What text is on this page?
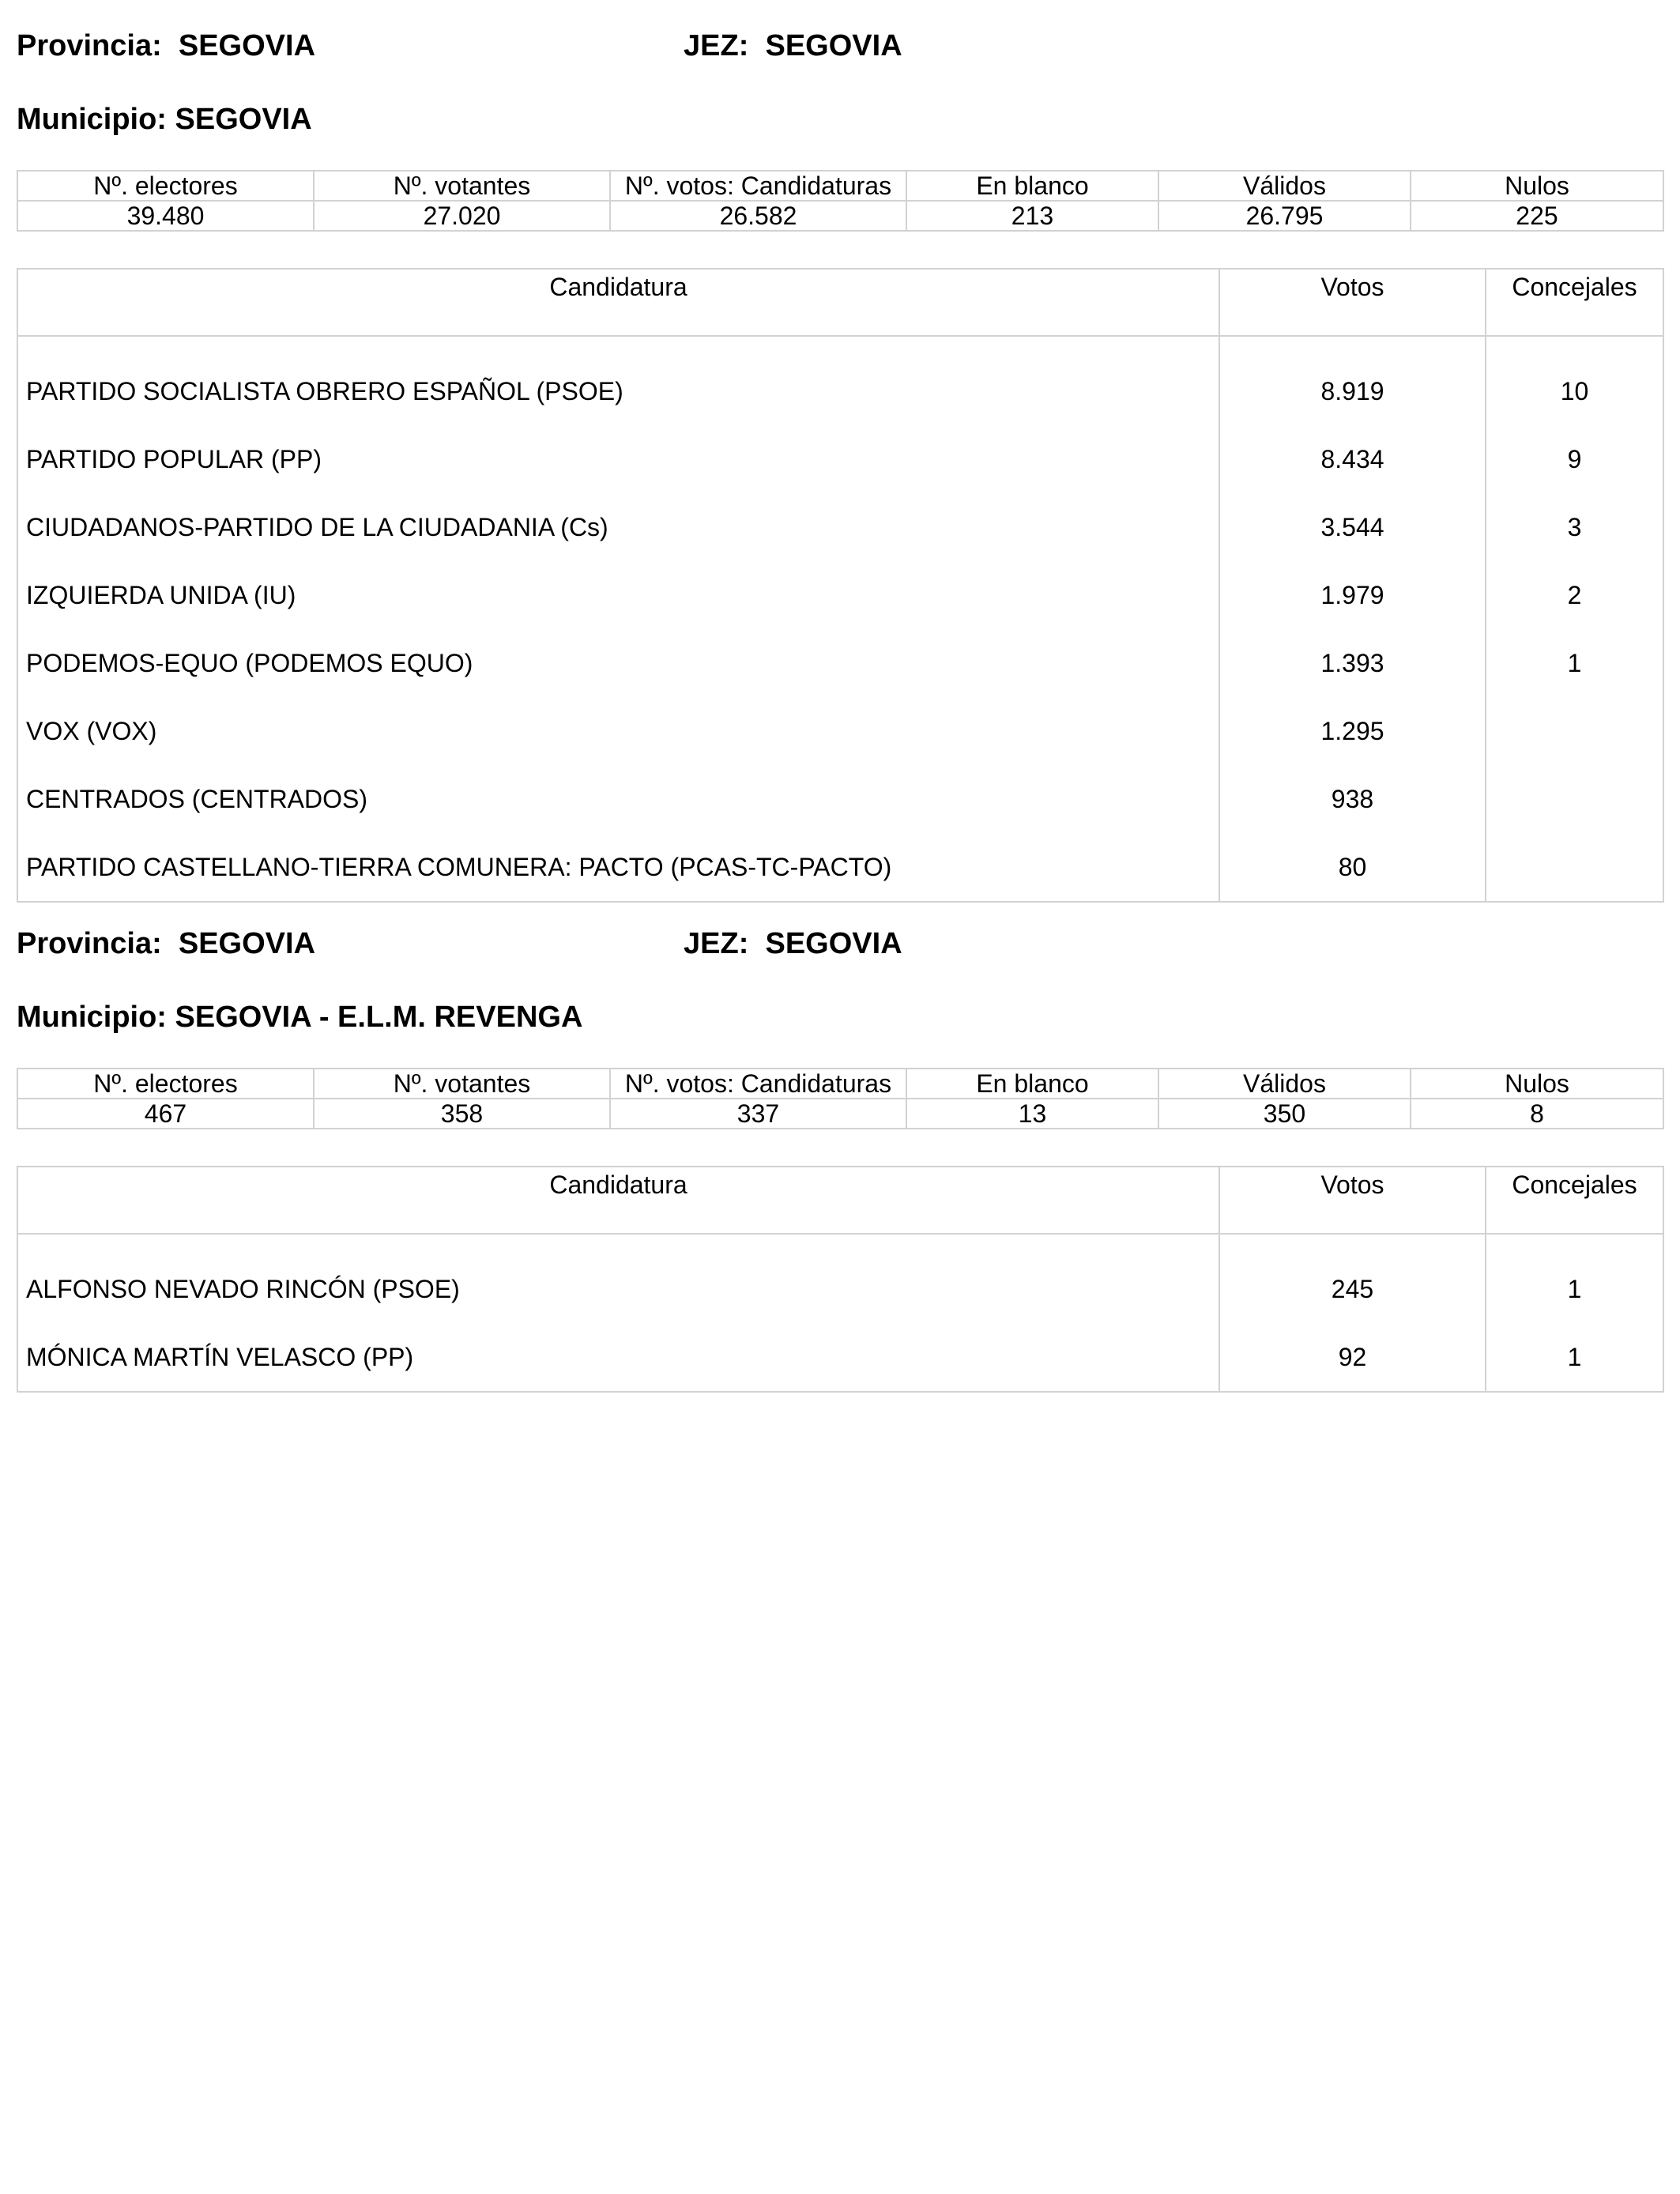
Provincia: SEGOVIA	JEZ: SEGOVIA
Municipio: SEGOVIA
Nº. electores	Nº. votantes	Nº. votos: Candidaturas	En blanco	Válidos	Nulos
39.480	27.020	26.582	213	26.795	225
Candidatura	Votos	Concejales
PARTIDO SOCIALISTA OBRERO ESPAÑOL (PSOE)	8.919	10
PARTIDO POPULAR (PP)	8.434	9
CIUDADANOS-PARTIDO DE LA CIUDADANIA (Cs)	3.544	3
IZQUIERDA UNIDA (IU)	1.979	2
PODEMOS-EQUO (PODEMOS EQUO)	1.393	1
VOX (VOX)	1.295	
CENTRADOS (CENTRADOS)	938	
PARTIDO CASTELLANO-TIERRA COMUNERA: PACTO (PCAS-TC-PACTO)	80	
Provincia: SEGOVIA	JEZ: SEGOVIA
Municipio: SEGOVIA - E.L.M. REVENGA
Nº. electores	Nº. votantes	Nº. votos: Candidaturas	En blanco	Válidos	Nulos
467	358	337	13	350	8
Candidatura	Votos	Concejales
ALFONSO NEVADO RINCÓN (PSOE)	245	1
MÓNICA MARTÍN VELASCO (PP)	92	1
